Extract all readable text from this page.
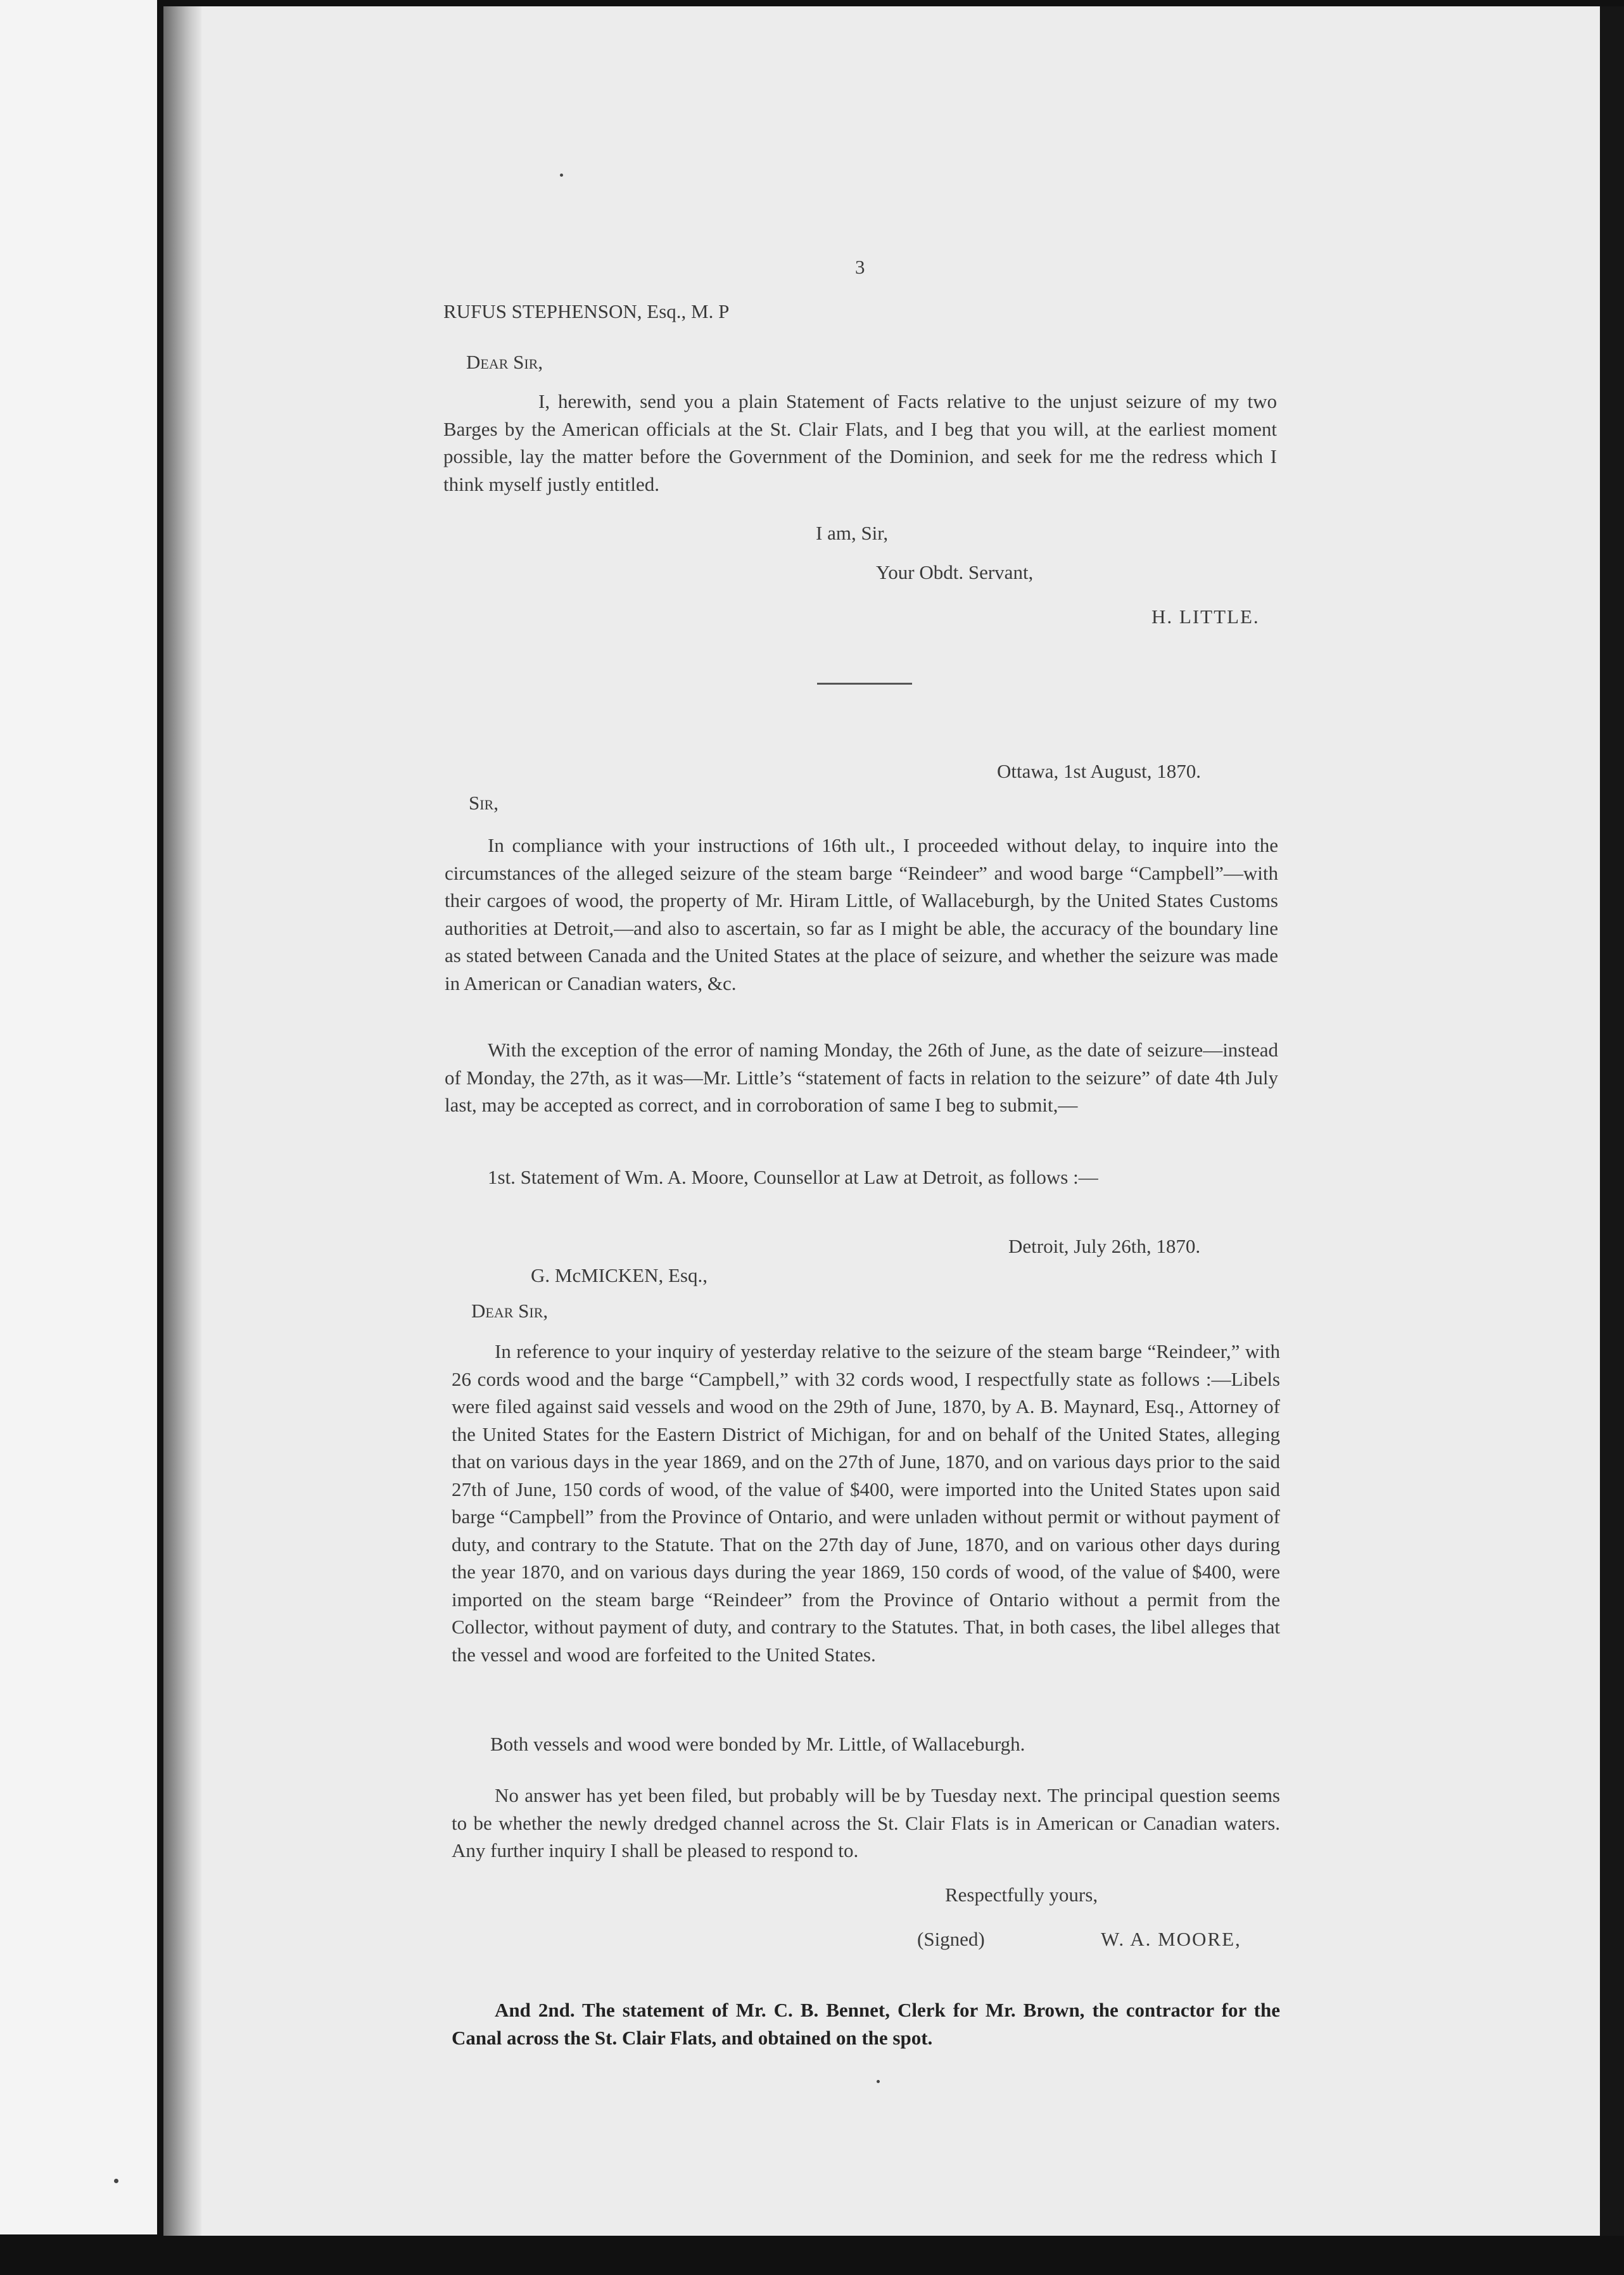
3
RUFUS STEPHENSON, Esq., M. P
Dear Sir,
I, herewith, send you a plain Statement of Facts relative to the unjust seizure of my two Barges by the American officials at the St. Clair Flats, and I beg that you will, at the earliest moment possible, lay the matter before the Government of the Dominion, and seek for me the redress which I think myself justly entitled.
I am, Sir,
Your Obdt. Servant,
H. LITTLE.
Ottawa, 1st August, 1870.
Sir,
In compliance with your instructions of 16th ult., I proceeded without delay, to inquire into the circumstances of the alleged seizure of the steam barge “Reindeer” and wood barge “Campbell”—with their cargoes of wood, the property of Mr. Hiram Little, of Wallaceburgh, by the United States Customs authorities at Detroit,—and also to ascertain, so far as I might be able, the accuracy of the boundary line as stated between Canada and the United States at the place of seizure, and whether the seizure was made in American or Canadian waters, &c.
With the exception of the error of naming Monday, the 26th of June, as the date of seizure—instead of Monday, the 27th, as it was—Mr. Little’s “statement of facts in relation to the seizure” of date 4th July last, may be accepted as correct, and in corroboration of same I beg to submit,—
1st. Statement of Wm. A. Moore, Counsellor at Law at Detroit, as follows :—
Detroit, July 26th, 1870.
G. McMICKEN, Esq.,
Dear Sir,
In reference to your inquiry of yesterday relative to the seizure of the steam barge “Reindeer,” with 26 cords wood and the barge “Campbell,” with 32 cords wood, I respectfully state as follows :—Libels were filed against said vessels and wood on the 29th of June, 1870, by A. B. Maynard, Esq., Attorney of the United States for the Eastern District of Michigan, for and on behalf of the United States, alleging that on various days in the year 1869, and on the 27th of June, 1870, and on various days prior to the said 27th of June, 150 cords of wood, of the value of $400, were imported into the United States upon said barge “Campbell” from the Province of Ontario, and were unladen without permit or without payment of duty, and contrary to the Statute. That on the 27th day of June, 1870, and on various other days during the year 1870, and on various days during the year 1869, 150 cords of wood, of the value of $400, were imported on the steam barge “Reindeer” from the Province of Ontario without a permit from the Collector, without payment of duty, and contrary to the Statutes. That, in both cases, the libel alleges that the vessel and wood are forfeited to the United States.
Both vessels and wood were bonded by Mr. Little, of Wallaceburgh.
No answer has yet been filed, but probably will be by Tuesday next. The principal question seems to be whether the newly dredged channel across the St. Clair Flats is in American or Canadian waters. Any further inquiry I shall be pleased to respond to.
Respectfully yours,
(Signed)	W. A. MOORE,
And 2nd. The statement of Mr. C. B. Bennet, Clerk for Mr. Brown, the contractor for the Canal across the St. Clair Flats, and obtained on the spot.
